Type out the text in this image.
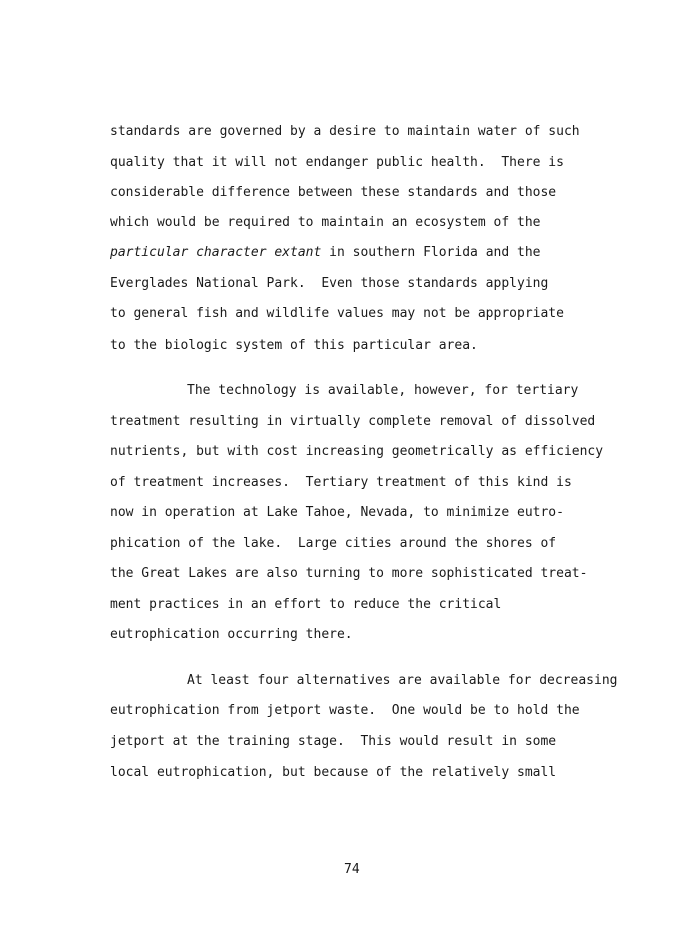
standards are governed by a desire to maintain water of such
quality that it will not endanger public health.  There is
considerable difference between these standards and those
which would be required to maintain an ecosystem of the
particular character extant in southern Florida and the
Everglades National Park.  Even those standards applying
to general fish and wildlife values may not be appropriate
to the biologic system of this particular area.
The technology is available, however, for tertiary
treatment resulting in virtually complete removal of dissolved
nutrients, but with cost increasing geometrically as efficiency
of treatment increases.  Tertiary treatment of this kind is
now in operation at Lake Tahoe, Nevada, to minimize eutro-
phication of the lake.  Large cities around the shores of
the Great Lakes are also turning to more sophisticated treat-
ment practices in an effort to reduce the critical
eutrophication occurring there.
At least four alternatives are available for decreasing
eutrophication from jetport waste.  One would be to hold the
jetport at the training stage.  This would result in some
local eutrophication, but because of the relatively small
74
